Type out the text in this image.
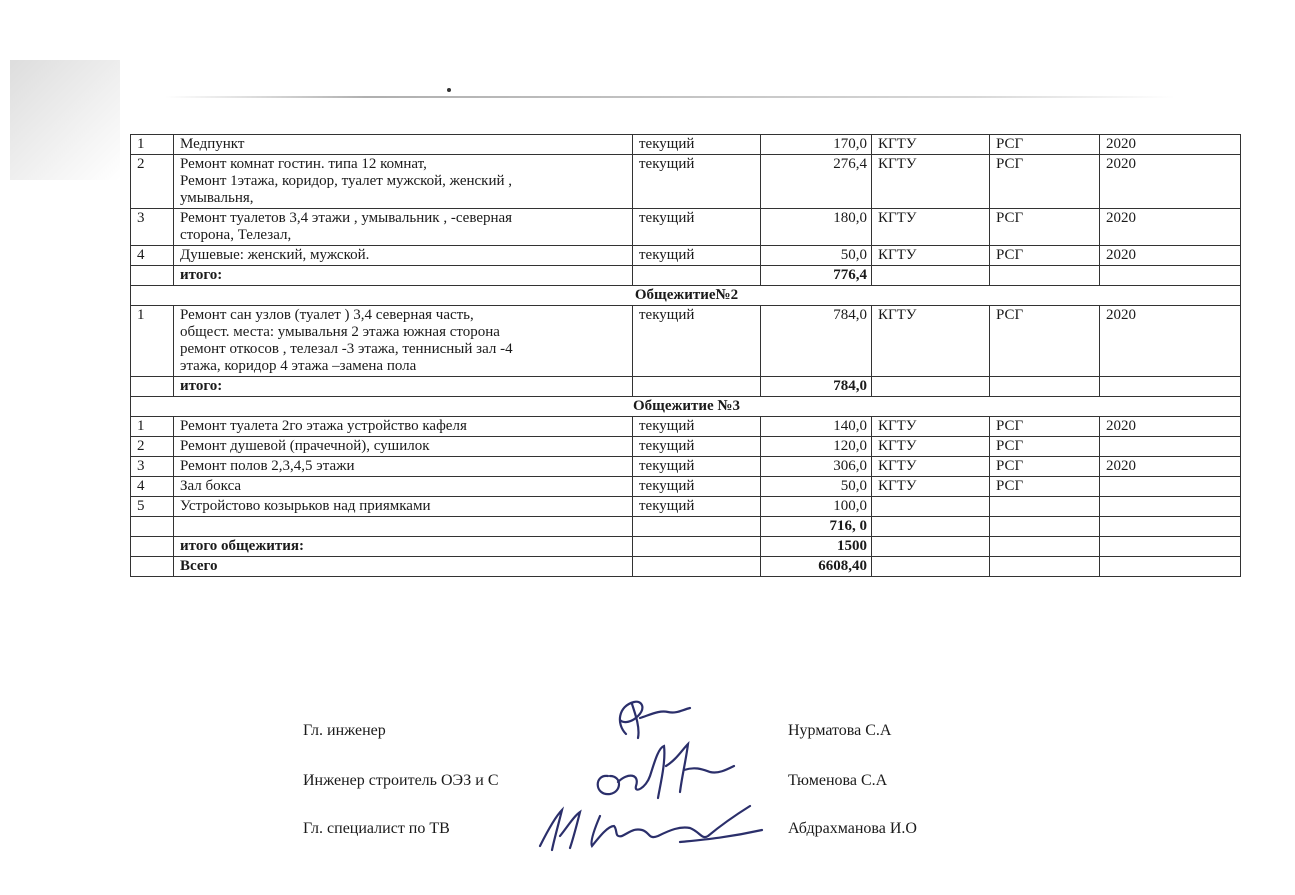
1	Медпункт	текущий	170,0	КГТУ	РСГ	2020
2	Ремонт комнат гостин. типа 12 комнат,
Ремонт 1этажа, коридор, туалет мужской, женский ,
умывальня,	текущий	276,4	КГТУ	РСГ	2020
3	Ремонт туалетов 3,4 этажи , умывальник , -северная
сторона, Телезал,	текущий	180,0	КГТУ	РСГ	2020
4	Душевые: женский, мужской.	текущий	50,0	КГТУ	РСГ	2020
	итого:		776,4			
Общежитие№2						
1	Ремонт сан узлов (туалет ) 3,4 северная часть,
общест. места: умывальня 2 этажа южная сторона
ремонт откосов , телезал -3 этажа, теннисный зал -4
этажа, коридор 4 этажа –замена пола	текущий	784,0	КГТУ	РСГ	2020
	итого:		784,0			
Общежитие №3						
1	Ремонт туалета 2го этажа устройство кафеля	текущий	140,0	КГТУ	РСГ	2020
2	Ремонт душевой (прачечной), сушилок	текущий	120,0	КГТУ	РСГ	
3	Ремонт полов 2,3,4,5 этажи	текущий	306,0	КГТУ	РСГ	2020
4	Зал бокса	текущий	50,0	КГТУ	РСГ	
5	Устройстово козырьков над приямками	текущий	100,0			
			716, 0			
	итого общежития:		1500			
	Всего		6608,40			
Гл. инженер	Нурматова С.А
Инженер строитель ОЭЗ и С	Тюменова С.А
Гл. специалист по ТВ	Абдрахманова И.О
